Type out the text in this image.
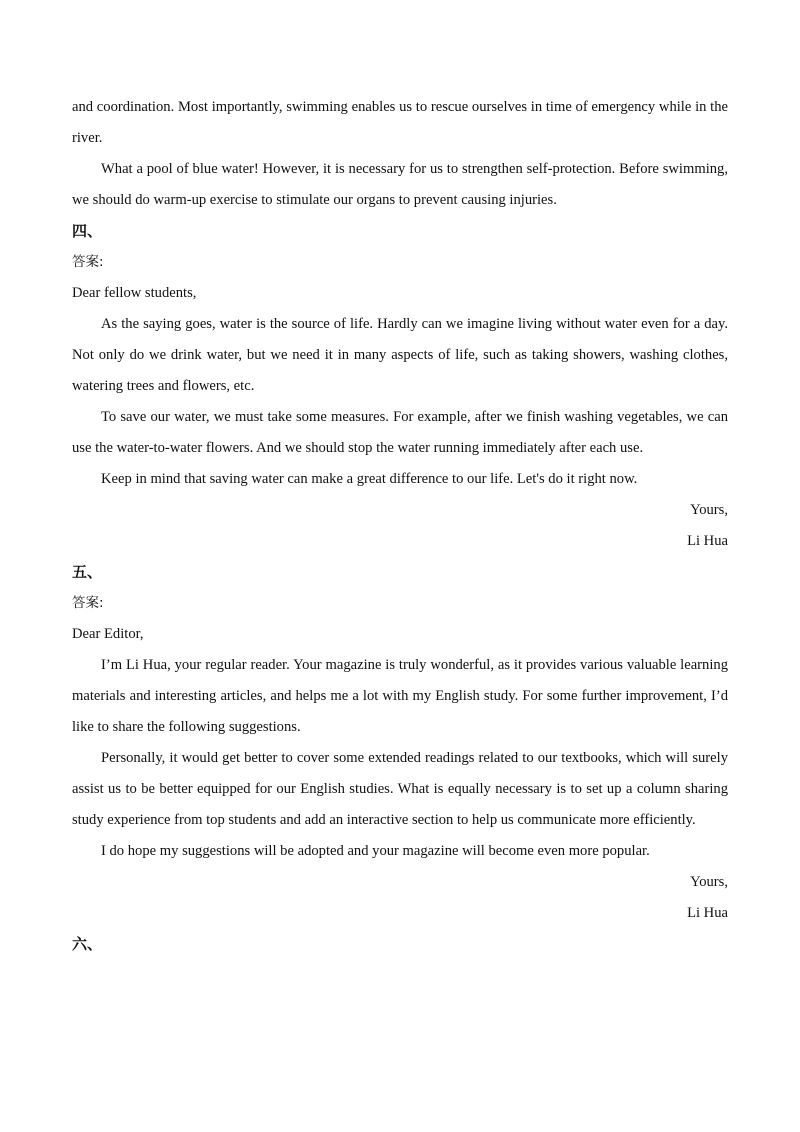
and coordination. Most importantly, swimming enables us to rescue ourselves in time of emergency while in the river.

What a pool of blue water! However, it is necessary for us to strengthen self-protection. Before swimming, we should do warm-up exercise to stimulate our organs to prevent causing injuries.

四、
答案:
Dear fellow students,

As the saying goes, water is the source of life. Hardly can we imagine living without water even for a day. Not only do we drink water, but we need it in many aspects of life, such as taking showers, washing clothes, watering trees and flowers, etc.

To save our water, we must take some measures. For example, after we finish washing vegetables, we can use the water-to-water flowers. And we should stop the water running immediately after each use.

Keep in mind that saving water can make a great difference to our life. Let's do it right now.

Yours,
Li Hua
五、
答案:
Dear Editor,

I’m Li Hua, your regular reader. Your magazine is truly wonderful, as it provides various valuable learning materials and interesting articles, and helps me a lot with my English study. For some further improvement, I’d like to share the following suggestions.

Personally, it would get better to cover some extended readings related to our textbooks, which will surely assist us to be better equipped for our English studies. What is equally necessary is to set up a column sharing study experience from top students and add an interactive section to help us communicate more efficiently.

I do hope my suggestions will be adopted and your magazine will become even more popular.

Yours,
Li Hua
六、
